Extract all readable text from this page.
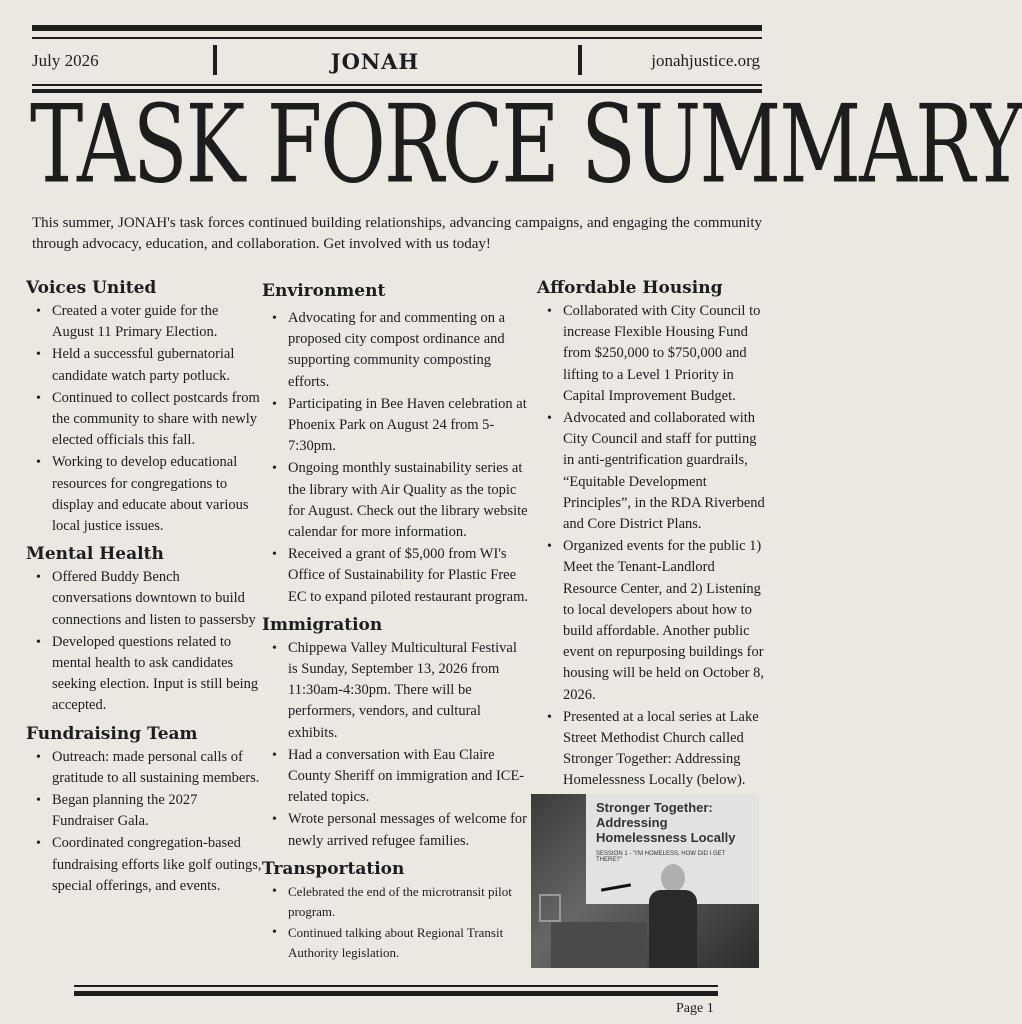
July 2026	JONAH	jonahjustice.org
TASK FORCE SUMMARY

This summer, JONAH's task forces continued building relationships, advancing campaigns, and engaging the community through advocacy, education, and collaboration. Get involved with us today!

Voices United
• Created a voter guide for the August 11 Primary Election.
• Held a successful gubernatorial candidate watch party potluck.
• Continued to collect postcards from the community to share with newly elected officials this fall.
• Working to develop educational resources for congregations to display and educate about various local justice issues.
Mental Health
• Offered Buddy Bench conversations downtown to build connections and listen to passersby
• Developed questions related to mental health to ask candidates seeking election. Input is still being accepted.
Fundraising Team
• Outreach: made personal calls of gratitude to all sustaining members.
• Began planning the 2027 Fundraiser Gala.
• Coordinated congregation-based fundraising efforts like golf outings, special offerings, and events.
Environment
• Advocating for and commenting on a proposed city compost ordinance and supporting community composting efforts.
• Participating in Bee Haven celebration at Phoenix Park on August 24 from 5-7:30pm.
• Ongoing monthly sustainability series at the library with Air Quality as the topic for August. Check out the library website calendar for more information.
• Received a grant of $5,000 from WI's Office of Sustainability for Plastic Free EC to expand piloted restaurant program.
Immigration
• Chippewa Valley Multicultural Festival is Sunday, September 13, 2026 from 11:30am-4:30pm. There will be performers, vendors, and cultural exhibits.
• Had a conversation with Eau Claire County Sheriff on immigration and ICE-related topics.
• Wrote personal messages of welcome for newly arrived refugee families.
Transportation
• Celebrated the end of the microtransit pilot program.
• Continued talking about Regional Transit Authority legislation.
Affordable Housing
• Collaborated with City Council to increase Flexible Housing Fund from $250,000 to $750,000 and lifting to a Level 1 Priority in Capital Improvement Budget.
• Advocated and collaborated with City Council and staff for putting in anti-gentrification guardrails, “Equitable Development Principles”, in the RDA Riverbend and Core District Plans.
• Organized events for the public 1) Meet the Tenant-Landlord Resource Center, and 2) Listening to local developers about how to build affordable. Another public event on repurposing buildings for housing will be held on October 8, 2026.
• Presented at a local series at Lake Street Methodist Church called Stronger Together: Addressing Homelessness Locally (below).
Stronger Together: Addressing Homelessness Locally
SESSION 1 - "I'M HOMELESS, HOW DID I GET THERE?"
Page 1
